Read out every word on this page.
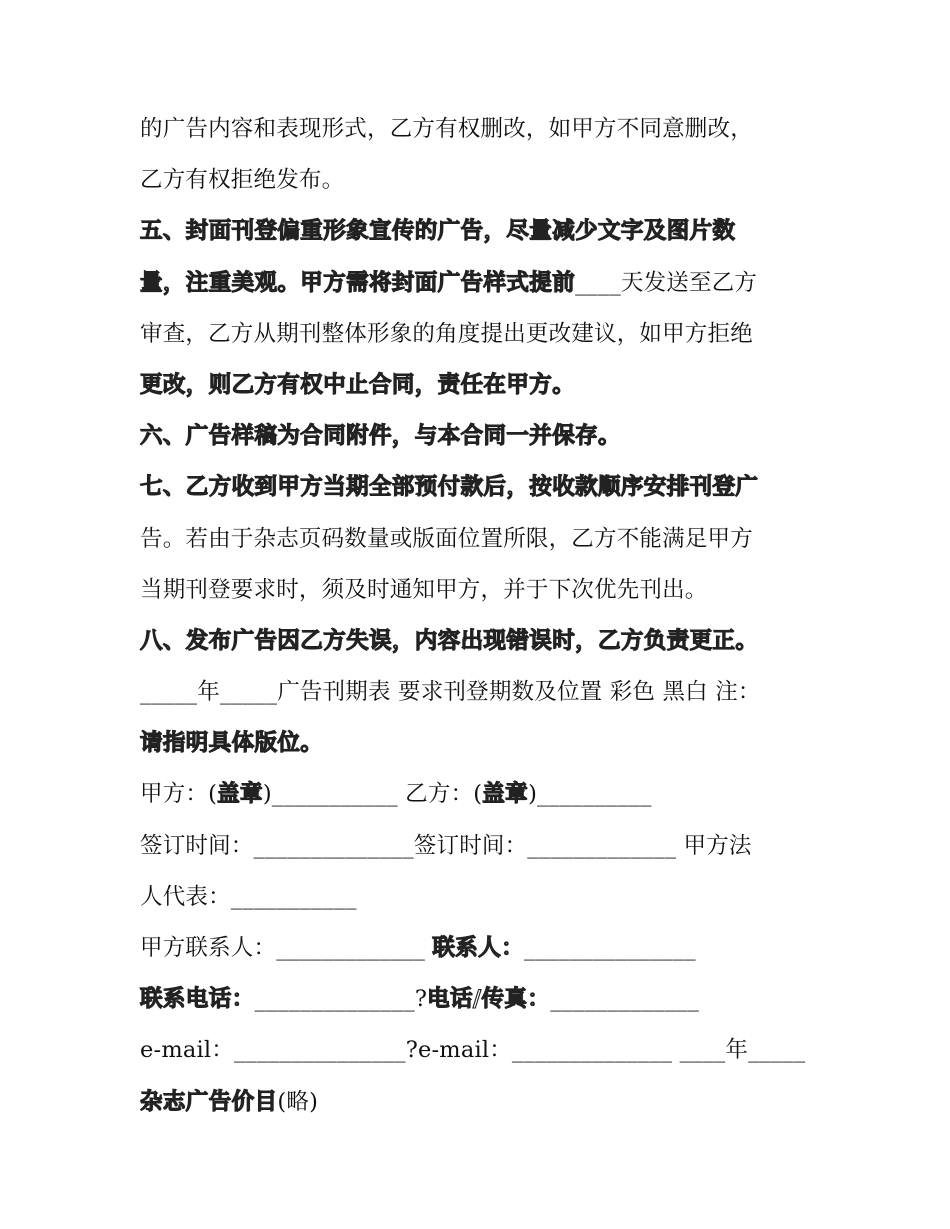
的广告内容和表现形式，乙方有权删改，如甲方不同意删改，
乙方有权拒绝发布。
五、封面刊登偏重形象宣传的广告，尽量减少文字及图片数
量，注重美观。甲方需将封面广告样式提前____天发送至乙方
审查，乙方从期刊整体形象的角度提出更改建议，如甲方拒绝
更改，则乙方有权中止合同，责任在甲方。
六、广告样稿为合同附件，与本合同一并保存。
七、乙方收到甲方当期全部预付款后，按收款顺序安排刊登广
告。若由于杂志页码数量或版面位置所限，乙方不能满足甲方
当期刊登要求时，须及时通知甲方，并于下次优先刊出。
八、发布广告因乙方失误，内容出现错误时，乙方负责更正。
_____年_____广告刊期表 要求刊登期数及位置 彩色 黑白 注：
请指明具体版位。
甲方：(盖章)___________ 乙方：(盖章)__________
签订时间：______________签订时间：_____________ 甲方法
人代表：___________
甲方联系人：_____________ 联系人：_______________
联系电话：______________?电话/传真：_____________
e-mail：_______________?e-mail：______________ ____年_____
杂志广告价目(略)
